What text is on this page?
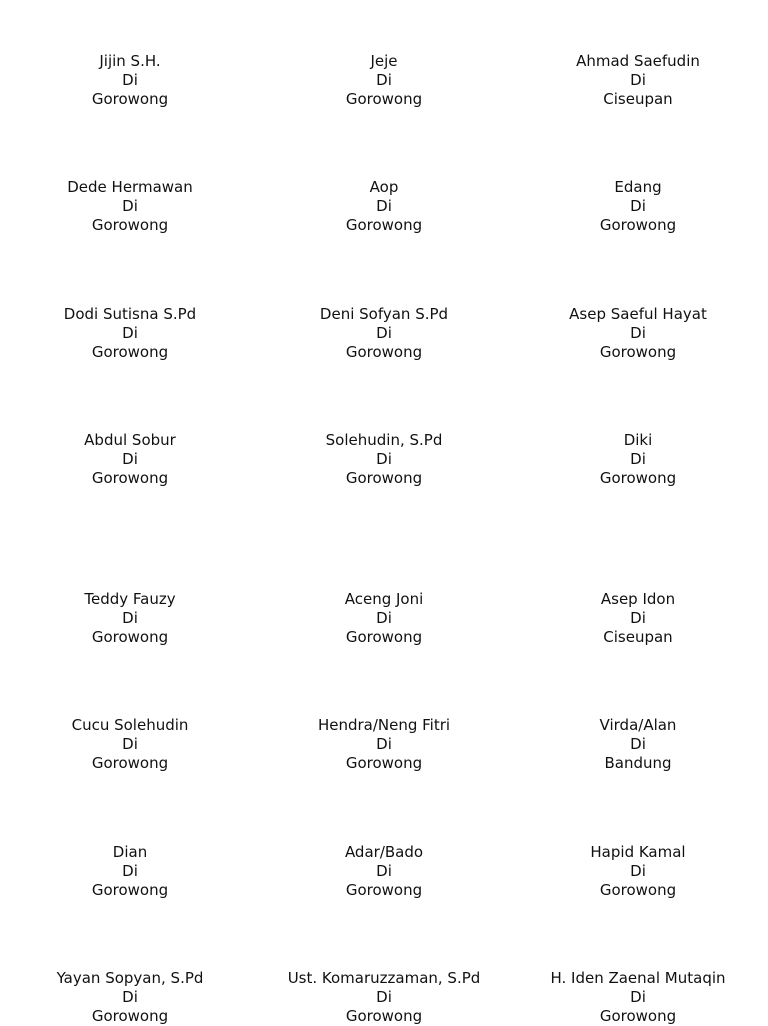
Jijin S.H.
Di
Gorowong
Jeje
Di
Gorowong
Ahmad Saefudin
Di
Ciseupan
Dede Hermawan
Di
Gorowong
Aop
Di
Gorowong
Edang
Di
Gorowong
Dodi Sutisna S.Pd
Di
Gorowong
Deni Sofyan S.Pd
Di
Gorowong
Asep Saeful Hayat
Di
Gorowong
Abdul Sobur
Di
Gorowong
Solehudin, S.Pd
Di
Gorowong
Diki
Di
Gorowong
Teddy Fauzy
Di
Gorowong
Aceng Joni
Di
Gorowong
Asep Idon
Di
Ciseupan
Cucu Solehudin
Di
Gorowong
Hendra/Neng Fitri
Di
Gorowong
Virda/Alan
Di
Bandung
Dian
Di
Gorowong
Adar/Bado
Di
Gorowong
Hapid Kamal
Di
Gorowong
Yayan Sopyan, S.Pd
Di
Gorowong
Ust. Komaruzzaman, S.Pd
Di
Gorowong
H. Iden Zaenal Mutaqin
Di
Gorowong
